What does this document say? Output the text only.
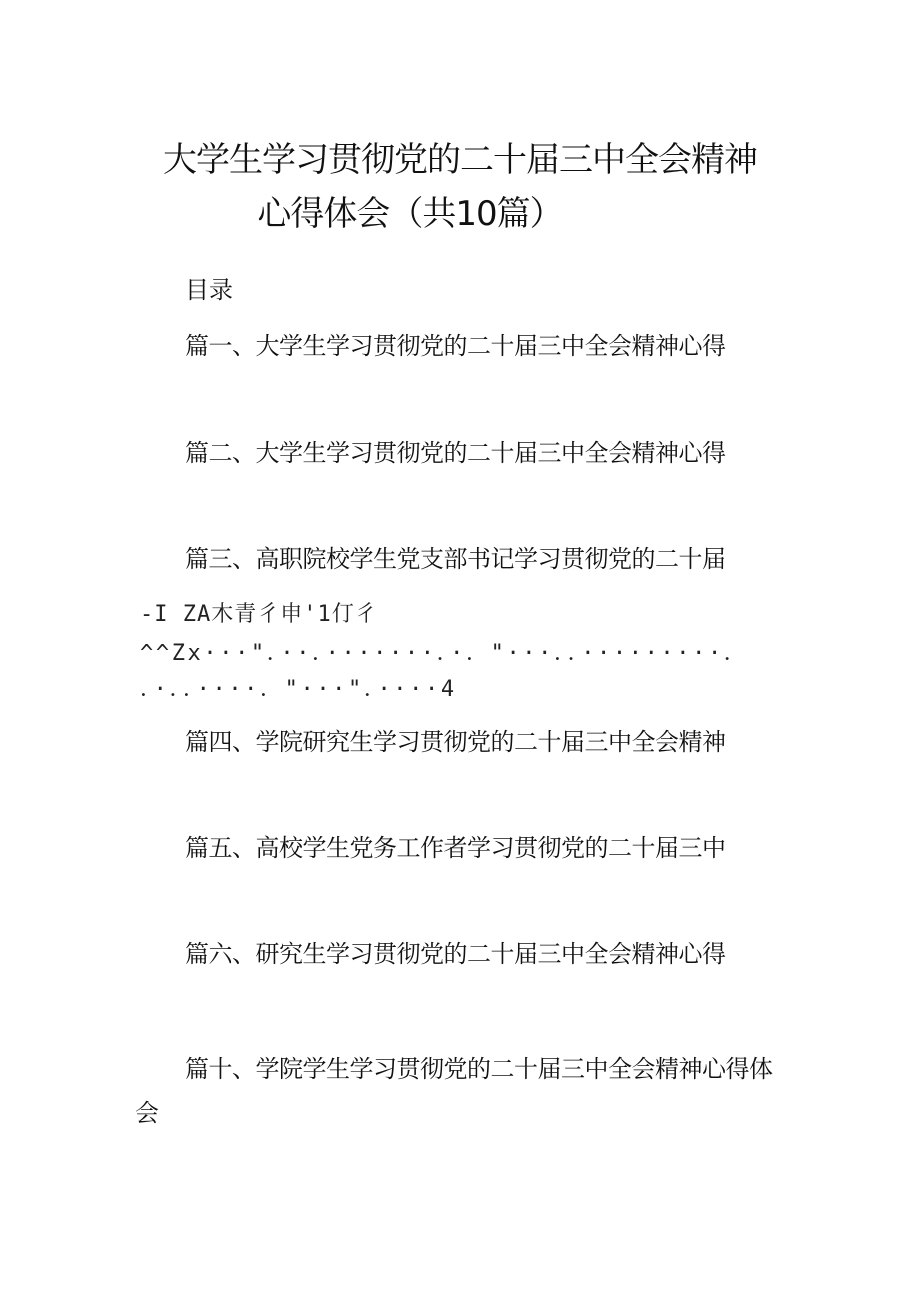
大学生学习贯彻党的二十届三中全会精神
心得体会（共10篇）
目录
篇一、大学生学习贯彻党的二十届三中全会精神心得
篇二、大学生学习贯彻党的二十届三中全会精神心得
篇三、高职院校学生党支部书记学习贯彻党的二十届
-I ZA木青彳申'1仃彳
^^Zx···"．··．·······．·．"···．．·········．
．·．．····．"···"．····4
篇四、学院研究生学习贯彻党的二十届三中全会精神
篇五、高校学生党务工作者学习贯彻党的二十届三中
篇六、研究生学习贯彻党的二十届三中全会精神心得
篇十、学院学生学习贯彻党的二十届三中全会精神心得体
会
